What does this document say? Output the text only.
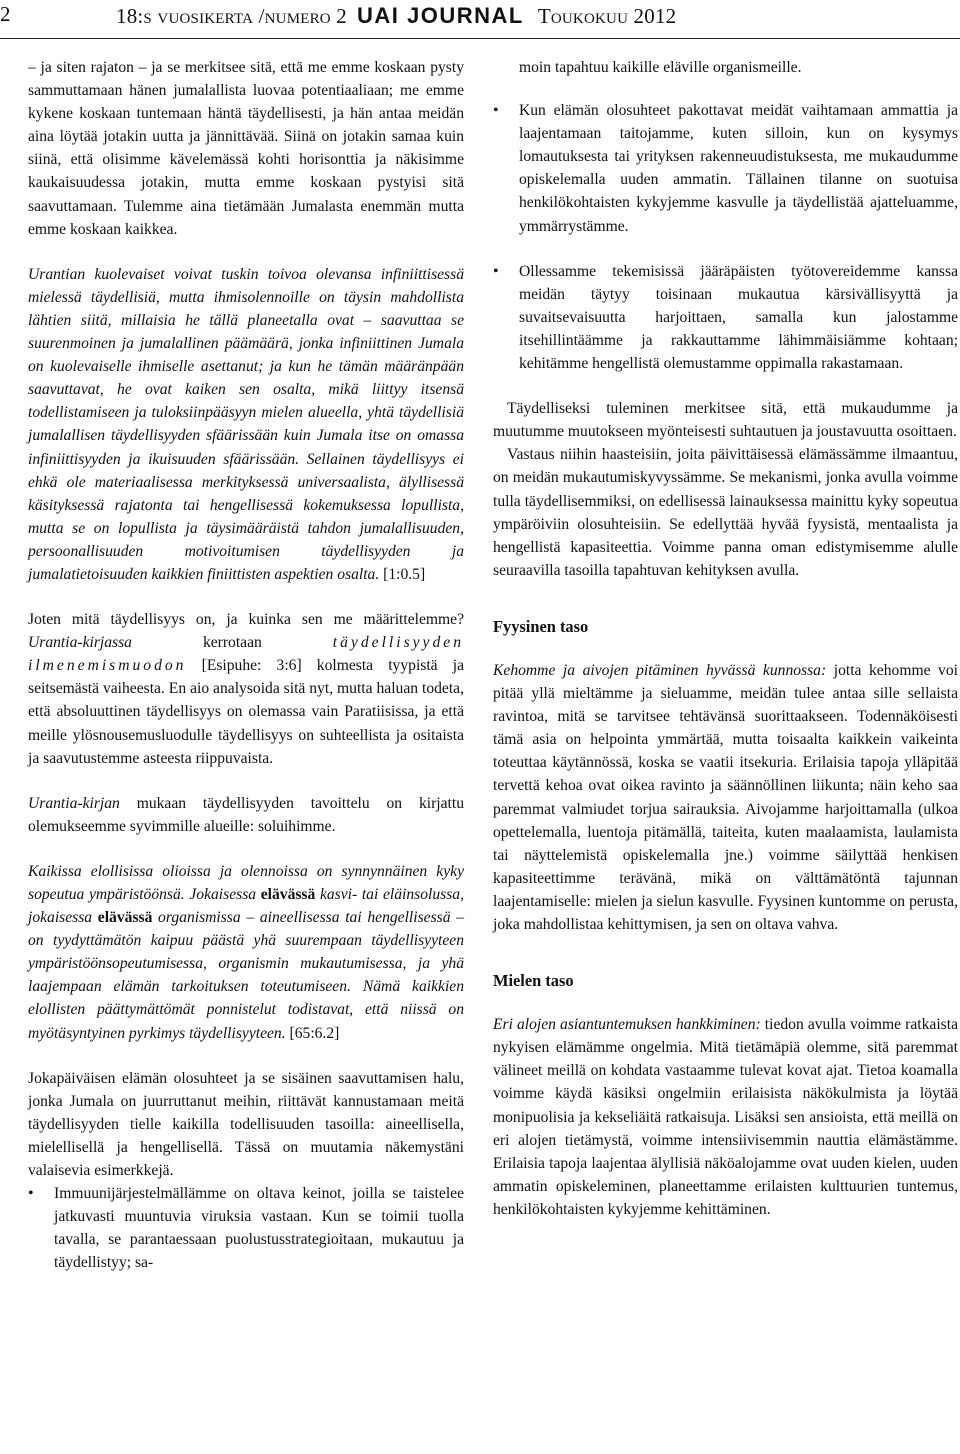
2	18:s vuosikerta /numero 2 UAI JOURNAL Toukokuu 2012

– ja siten rajaton – ja se merkitsee sitä, että me emme koskaan pysty sammuttamaan hänen jumalallista luovaa potentiaaliaan; me emme kykene koskaan tuntemaan häntä täydellisesti, ja hän antaa meidän aina löytää jotakin uutta ja jännittävää. Siinä on jotakin samaa kuin siinä, että olisimme kävelemässä kohti horisonttia ja näkisimme kaukaisuudessa jotakin, mutta emme koskaan pystyisi sitä saavuttamaan. Tulemme aina tietämään Jumalasta enemmän mutta emme koskaan kaikkea.

Urantian kuolevaiset voivat tuskin toivoa olevansa infiniittisessä mielessä täydellisiä, mutta ihmisolennoille on täysin mahdollista lähtien siitä, millaisia he tällä planeetalla ovat – saavuttaa se suurenmoinen ja jumalallinen päämäärä, jonka infiniittinen Jumala on kuolevaiselle ihmiselle asettanut; ja kun he tämän määränpään saavuttavat, he ovat kaiken sen osalta, mikä liittyy itsensä todellistamiseen ja tuloksiinpääsyyn mielen alueella, yhtä täydellisiä jumalallisen täydellisyyden sfäärissään kuin Jumala itse on omassa infiniittisyyden ja ikuisuuden sfäärissään. Sellainen täydellisyys ei ehkä ole materiaalisessa merkityksessä universaalista, älyllisessä käsityksessä rajatonta tai hengellisessä kokemuksessa lopullista, mutta se on lopullista ja täysimääräistä tahdon jumalallisuuden, persoonallisuuden motivoitumisen täydellisyyden ja jumalatietoisuuden kaikkien finiittisten aspektien osalta. [1:0.5]

Joten mitä täydellisyys on, ja kuinka sen me määrittelemme? Urantia-kirjassa kerrotaan täydellisyyden ilmenemismuodon [Esipuhe: 3:6] kolmesta tyypistä ja seitsemästä vaiheesta. En aio analysoida sitä nyt, mutta haluan todeta, että absoluuttinen täydellisyys on olemassa vain Paratiisissa, ja että meille ylösnousemusluodulle täydellisyys on suhteellista ja ositaista ja saavutustemme asteesta riippuvaista.

Urantia-kirjan mukaan täydellisyyden tavoittelu on kirjattu olemukseemme syvimmille alueille: soluihimme.

Kaikissa elollisissa olioissa ja olennoissa on synnynnäinen kyky sopeutua ympäristöönsä. Jokaisessa elävässä kasvi- tai eläinsolussa, jokaisessa elävässä organismissa – aineellisessa tai hengellisessä – on tyydyttämätön kaipuu päästä yhä suurempaan täydellisyyteen ympäristöönsopeutumisessa, organismin mukautumisessa, ja yhä laajempaan elämän tarkoituksen toteutumiseen. Nämä kaikkien elollisten päättymättömät ponnistelut todistavat, että niissä on myötäsyntyinen pyrkimys täydellisyyteen. [65:6.2]

Jokapäiväisen elämän olosuhteet ja se sisäinen saavuttamisen halu, jonka Jumala on juurruttanut meihin, riittävät kannustamaan meitä täydellisyyden tielle kaikilla todellisuuden tasoilla: aineellisella, mielellisellä ja hengellisellä. Tässä on muutamia näkemystäni valaisevia esimerkkejä.

• Immuunijärjestelmällämme on oltava keinot, joilla se taistelee jatkuvasti muuntuvia viruksia vastaan. Kun se toimii tuolla tavalla, se parantaessaan puolustusstrategioitaan, mukautuu ja täydellistyy; sa-

moin tapahtuu kaikille eläville organismeille.

• Kun elämän olosuhteet pakottavat meidät vaihtamaan ammattia ja laajentamaan taitojamme, kuten silloin, kun on kysymys lomautuksesta tai yrityksen rakenneuudistuksesta, me mukaudumme opiskelemalla uuden ammatin. Tällainen tilanne on suotuisa henkilökohtaisten kykyjemme kasvulle ja täydellistää ajatteluamme, ymmärrystämme.
• Ollessamme tekemisissä jääräpäisten työtovereidemme kanssa meidän täytyy toisinaan mukautua kärsivällisyyttä ja suvaitsevaisuutta harjoittaen, samalla kun jalostamme itsehillintäämme ja rakkauttamme lähimmäisiämme kohtaan; kehitämme hengellistä olemustamme oppimalla rakastamaan.

Täydelliseksi tuleminen merkitsee sitä, että mukaudumme ja muutumme muutokseen myönteisesti suhtautuen ja joustavuutta osoittaen.

Vastaus niihin haasteisiin, joita päivittäisessä elämässämme ilmaantuu, on meidän mukautumiskyvyssämme. Se mekanismi, jonka avulla voimme tulla täydellisemmiksi, on edellisessä lainauksessa mainittu kyky sopeutua ympäröiviin olosuhteisiin. Se edellyttää hyvää fyysistä, mentaalista ja hengellistä kapasiteettia. Voimme panna oman edistymisemme alulle seuraavilla tasoilla tapahtuvan kehityksen avulla.

Fyysinen taso

Kehomme ja aivojen pitäminen hyvässä kunnossa: jotta kehomme voi pitää yllä mieltämme ja sieluamme, meidän tulee antaa sille sellaista ravintoa, mitä se tarvitsee tehtävänsä suorittaakseen. Todennäköisesti tämä asia on helpointa ymmärtää, mutta toisaalta kaikkein vaikeinta toteuttaa käytännössä, koska se vaatii itsekuria. Erilaisia tapoja ylläpitää tervettä kehoa ovat oikea ravinto ja säännöllinen liikunta; näin keho saa paremmat valmiudet torjua sairauksia. Aivojamme harjoittamalla (ulkoa opettelemalla, luentoja pitämällä, taiteita, kuten maalaamista, laulamista tai näyttelemistä opiskelemalla jne.) voimme säilyttää henkisen kapasiteettimme terävänä, mikä on välttämätöntä tajunnan laajentamiselle: mielen ja sielun kasvulle. Fyysinen kuntomme on perusta, joka mahdollistaa kehittymisen, ja sen on oltava vahva.

Mielen taso

Eri alojen asiantuntemuksen hankkiminen: tiedon avulla voimme ratkaista nykyisen elämämme ongelmia. Mitä tietämäpiä olemme, sitä paremmat välineet meillä on kohdata vastaamme tulevat kovat ajat. Tietoa koamalla voimme käydä käsiksi ongelmiin erilaisista näkökulmista ja löytää monipuolisia ja kekseliäitä ratkaisuja. Lisäksi sen ansioista, että meillä on eri alojen tietämystä, voimme intensiivisemmin nauttia elämästämme. Erilaisia tapoja laajentaa älyllisiä näköalojamme ovat uuden kielen, uuden ammatin opiskeleminen, planeettamme erilaisten kulttuurien tuntemus, henkilökohtaisten kykyjemme kehittäminen.
